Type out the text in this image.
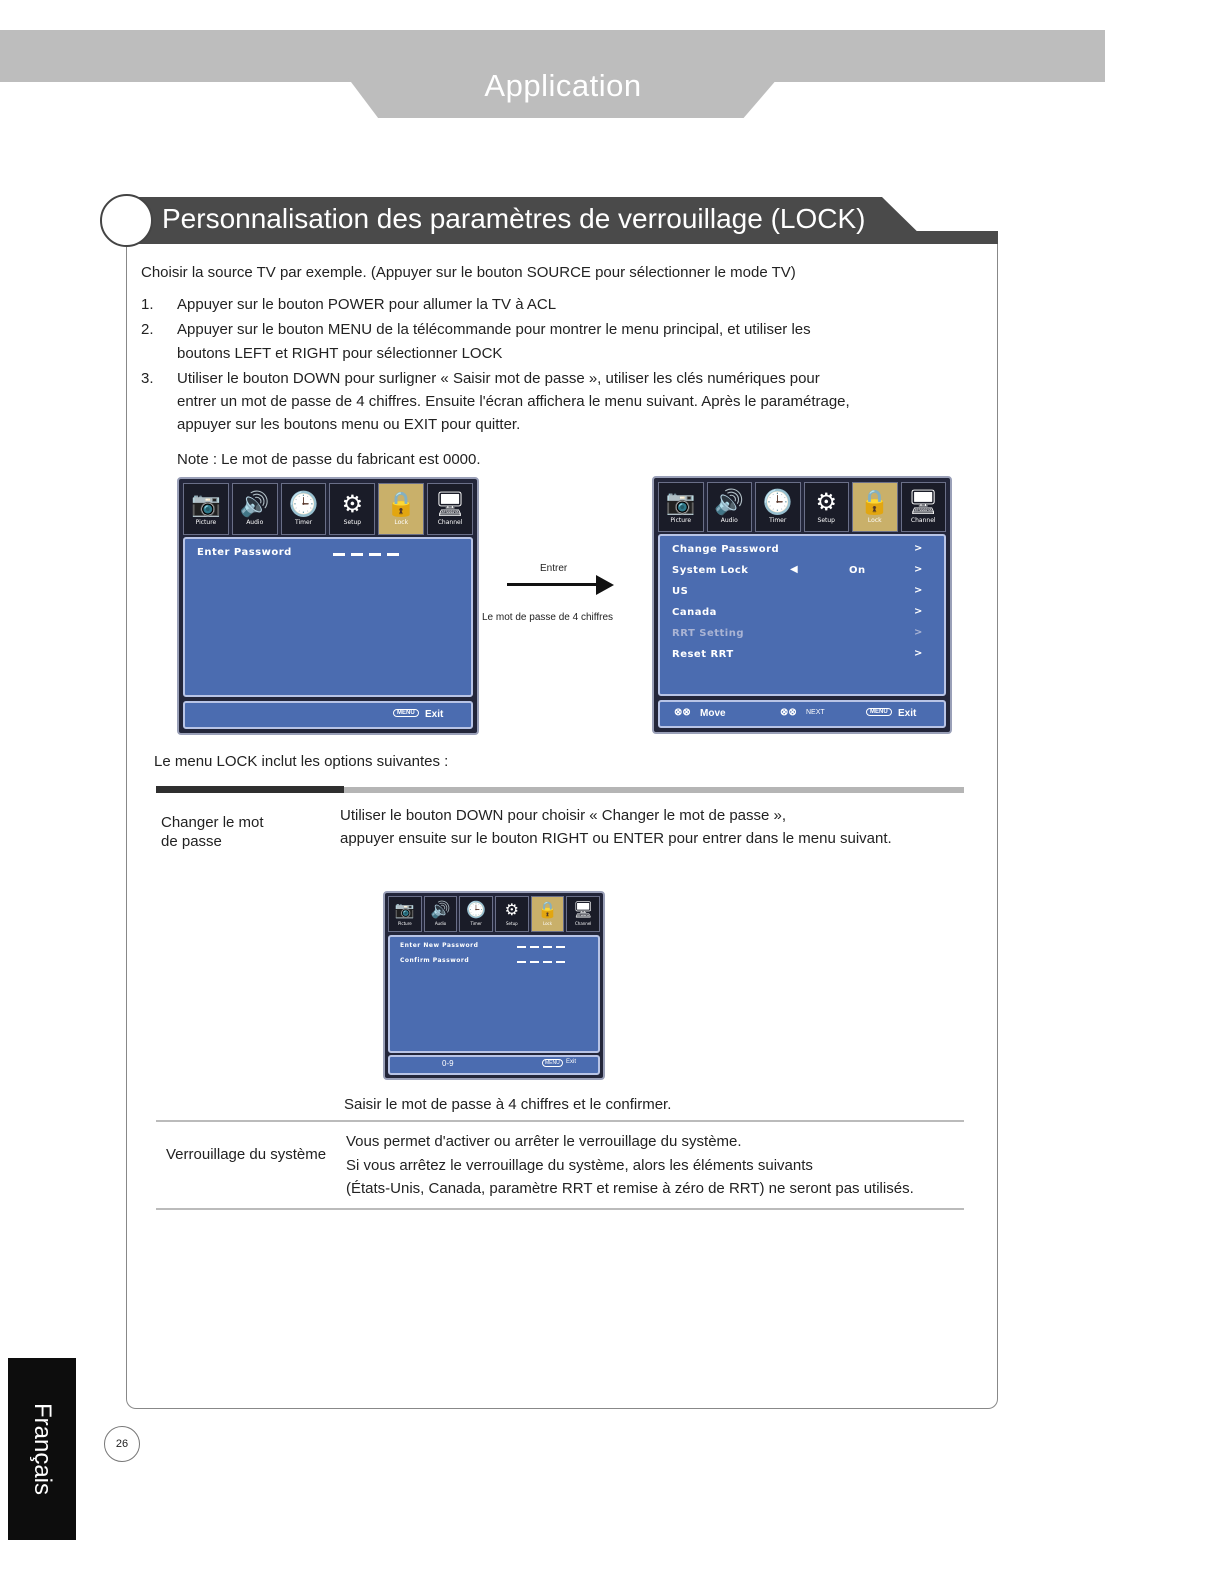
Application
Personnalisation des paramètres de verrouillage (LOCK)
Choisir la source TV par exemple. (Appuyer sur le bouton SOURCE pour sélectionner le mode TV)
1. Appuyer sur le bouton POWER pour allumer la TV à ACL
2. Appuyer sur le bouton MENU de la télécommande pour montrer le menu principal, et utiliser les
boutons LEFT et RIGHT pour sélectionner LOCK
3. Utiliser le bouton DOWN pour surligner « Saisir mot de passe », utiliser les clés numériques pour
entrer un mot de passe de 4 chiffres. Ensuite l'écran affichera le menu suivant. Après le paramétrage,
appuyer sur les boutons menu ou EXIT pour quitter.
Note : Le mot de passe du fabricant est 0000.
📷
Picture
🔊
Audio
🕒
Timer
⚙
Setup
🔒
Lock
🖥
Channel
Enter Password
MENU	Exit
Entrer
Le mot de passe de 4 chiffres
📷
Picture
🔊
Audio
🕒
Timer
⚙
Setup
🔒
Lock
🖥
Channel
Change Password	>
System Lock	◀	On	>
US	>
Canada	>
RRT Setting	>
Reset RRT	>
⊗⊗ Move	⊗⊗ NEXT	MENU	Exit
Le menu LOCK inclut les options suivantes :
Changer le mot
de passe
Utiliser le bouton DOWN pour choisir « Changer le mot de passe »,
appuyer ensuite sur le bouton RIGHT ou ENTER pour entrer dans le menu suivant.
📷
Picture
🔊
Audio
🕒
Timer
⚙
Setup
🔒
Lock
🖥
Channel
Enter New Password
Confirm Password
0-9	MENU	Exit
Saisir le mot de passe à 4 chiffres et le confirmer.
Verrouillage du système
Vous permet d'activer ou arrêter le verrouillage du système.
Si vous arrêtez le verrouillage du système, alors les éléments suivants
(États-Unis, Canada, paramètre RRT et remise à zéro de RRT) ne seront pas utilisés.
Français	26
